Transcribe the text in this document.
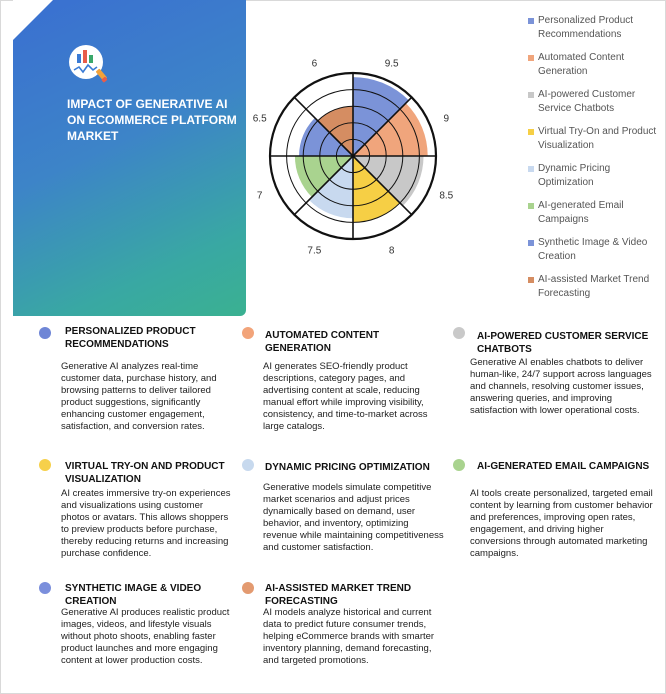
IMPACT OF GENERATIVE AI ON ECOMMERCE PLATFORM MARKET
9.5
9
8.5
8
7.5
7
6.5
6
Personalized Product Recommendations
Automated Content Generation
AI-powered Customer Service Chatbots
Virtual Try-On and Product Visualization
Dynamic Pricing Optimization
AI-generated Email Campaigns
Synthetic Image & Video Creation
AI-assisted Market Trend Forecasting
PERSONALIZED PRODUCT RECOMMENDATIONS
Generative AI analyzes real-time customer data, purchase history, and browsing patterns to deliver tailored product suggestions, significantly enhancing customer engagement, satisfaction, and conversion rates.
AUTOMATED CONTENT GENERATION
AI generates SEO-friendly product descriptions, category pages, and advertising content at scale, reducing manual effort while improving visibility, consistency, and time-to-market across large catalogs.
AI-POWERED CUSTOMER SERVICE CHATBOTS
Generative AI enables chatbots to deliver human-like, 24/7 support across languages and channels, resolving customer issues, answering queries, and improving satisfaction with lower operational costs.
VIRTUAL TRY-ON AND PRODUCT VISUALIZATION
AI creates immersive try-on experiences and visualizations using customer photos or avatars. This allows shoppers to preview products before purchase, thereby reducing returns and increasing purchase confidence.
DYNAMIC PRICING OPTIMIZATION
Generative models simulate competitive market scenarios and adjust prices dynamically based on demand, user behavior, and inventory, optimizing revenue while maintaining competitiveness and customer satisfaction.
AI-GENERATED EMAIL CAMPAIGNS
AI tools create personalized, targeted email content by learning from customer behavior and preferences, improving open rates, engagement, and driving higher conversions through automated marketing campaigns.
SYNTHETIC IMAGE & VIDEO CREATION
Generative AI produces realistic product images, videos, and lifestyle visuals without photo shoots, enabling faster product launches and more engaging content at lower production costs.
AI-ASSISTED MARKET TREND FORECASTING
AI models analyze historical and current data to predict future consumer trends, helping eCommerce brands with smarter inventory planning, demand forecasting, and targeted promotions.
